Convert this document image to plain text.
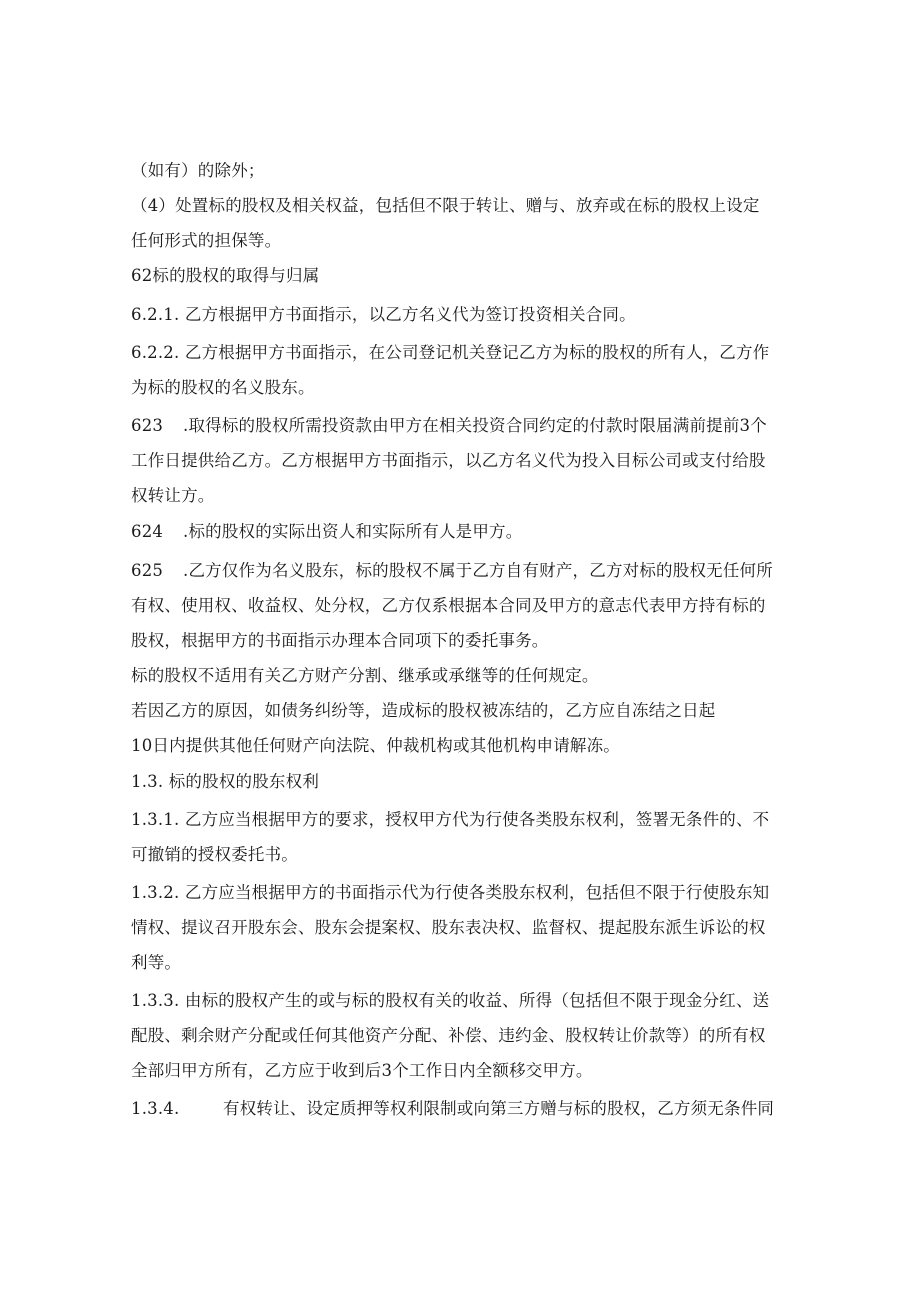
（如有）的除外；
（4）处置标的股权及相关权益，包括但不限于转让、赠与、放弃或在标的股权上设定
任何形式的担保等。
62标的股权的取得与归属
6.2.1. 乙方根据甲方书面指示，以乙方名义代为签订投资相关合同。
6.2.2. 乙方根据甲方书面指示，在公司登记机关登记乙方为标的股权的所有人，乙方作
为标的股权的名义股东。
623 .取得标的股权所需投资款由甲方在相关投资合同约定的付款时限届满前提前3个
工作日提供给乙方。乙方根据甲方书面指示，以乙方名义代为投入目标公司或支付给股
权转让方。
624 .标的股权的实际出资人和实际所有人是甲方。
625 .乙方仅作为名义股东，标的股权不属于乙方自有财产，乙方对标的股权无任何所
有权、使用权、收益权、处分权，乙方仅系根据本合同及甲方的意志代表甲方持有标的
股权，根据甲方的书面指示办理本合同项下的委托事务。
标的股权不适用有关乙方财产分割、继承或承继等的任何规定。
若因乙方的原因，如债务纠纷等，造成标的股权被冻结的，乙方应自冻结之日起
10日内提供其他任何财产向法院、仲裁机构或其他机构申请解冻。
1.3. 标的股权的股东权利
1.3.1. 乙方应当根据甲方的要求，授权甲方代为行使各类股东权利，签署无条件的、不
可撤销的授权委托书。
1.3.2. 乙方应当根据甲方的书面指示代为行使各类股东权利，包括但不限于行使股东知
情权、提议召开股东会、股东会提案权、股东表决权、监督权、提起股东派生诉讼的权
利等。
1.3.3. 由标的股权产生的或与标的股权有关的收益、所得（包括但不限于现金分红、送
配股、剩余财产分配或任何其他资产分配、补偿、违约金、股权转让价款等）的所有权
全部归甲方所有，乙方应于收到后3个工作日内全额移交甲方。
1.3.4.	有权转让、设定质押等权利限制或向第三方赠与标的股权，乙方须无条件同
